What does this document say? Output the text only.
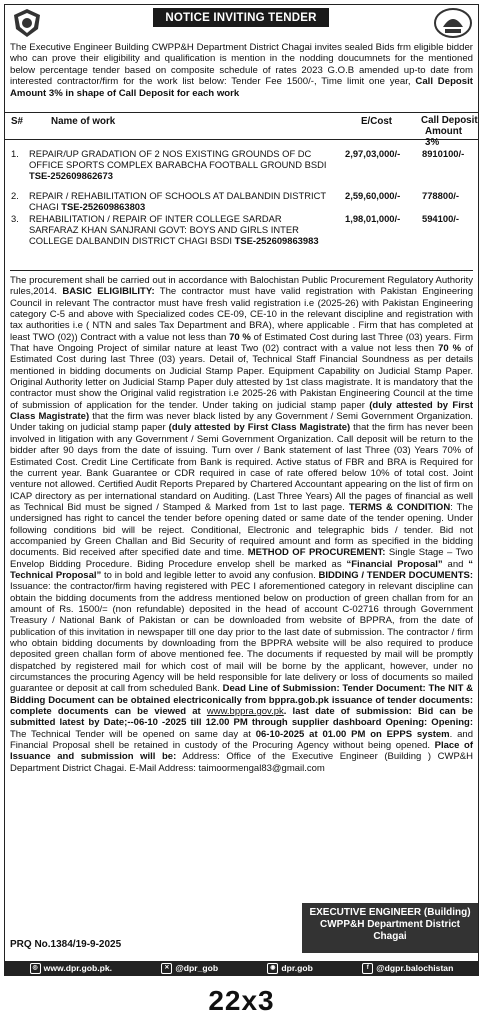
NOTICE INVITING TENDER
The Executive Engineer Building CWPP&H Department District Chagai invites sealed Bids frm eligible bidder who can prove their eligibility and qualification is mention in the nodding doucumnets for the mentioned below percentage tender based on composite schedule of rates 2023 G.O.B amended up-to date from interested contractor/firm for the work list below: Tender Fee 1500/-, Time limit one year, Call Deposit Amount 3% in shape of Call Deposit for each work
S#	Name of work	E/Cost	Call Deposit
Amount 3%
1. REPAIR/UP GRADATION OF 2 NOS EXISTING GROUNDS OF DC OFFICE SPORTS COMPLEX BARABCHA FOOTBALL GROUND BSDI TSE-252609862673
2,97,03,000/- 8910100/-
2. REPAIR / REHABILITATION OF SCHOOLS AT DALBANDIN DISTRICT CHAGI TSE-252609863803
2,59,60,000/- 778800/-
3. REHABILITATION / REPAIR OF INTER COLLEGE SARDAR SARFARAZ KHAN SANJRANI GOVT: BOYS AND GIRLS INTER COLLEGE DALBANDIN DISTRICT CHAGI BSDI TSE-252609863983
1,98,01,000/- 594100/-
The procurement shall be carried out in accordance with Balochistan Public Procurement Regulatory Authority rules,2014. BASIC ELIGIBILITY: The contractor must have valid registration with Pakistan Engineering Council in relevant The contractor must have fresh valid registration i.e (2025-26) with Pakistan Engineering category C-5 and above with Specialized codes CE-09, CE-10 in the relevant discipline and registration with tax authorities i.e ( NTN and sales Tax Department and BRA), where applicable . Firm that has completed at least TWO (02)) Contract with a value not less than 70 % of Estimated Cost during last Three (03) years. Firm That have Ongoing Project of similar nature at least Two (02) contract with a value not less then 70 % of Estimated Cost during last Three (03) years. Detail of, Technical Staff Financial Soundness as per details mentioned in bidding documents on Judicial Stamp Paper. Equipment Capability on Judicial Stamp Paper. Original Authority letter on Judicial Stamp Paper duly attested by 1st class magistrate. It is mandatory that the contractor must show the Original valid registration i.e 2025-26 with Pakistan Engineering Council at the time of submission of application for the tender. Under taking on judicial stamp paper (duly attested by First Class Magistrate) that the firm was never black listed by any Government / Semi Government Organization. Under taking on judicial stamp paper (duly attested by First Class Magistrate) that the firm has never been involved in litigation with any Government / Semi Government Organization. Call deposit will be return to the bidder after 90 days from the date of issuing. Turn over / Bank statement of last Three (03) Years 70% of Estimated Cost. Credit Line Certificate from Bank is required. Active status of FBR and BRA is Required for the current year. Bank Guarantee or CDR required in case of rate offered below 10% of total cost. Joint venture not allowed. Certified Audit Reports Prepared by Chartered Accountant appearing on the list of firm on ICAP directory as per international standard on Auditing. (Last Three Years) All the pages of financial as well as Technical Bid must be signed / Stamped & Marked from 1st to last page. TERMS & CONDITION: The undersigned has right to cancel the tender before opening dated or same date of the tender opening. Under following conditions bid will be reject. Conditional, Electronic and telegraphic bids / tender. Bid not accompanied by Green Challan and Bid Security of required amount and form as specified in the bidding documents. Bid received after specified date and time. METHOD OF PROCUREMENT: Single Stage – Two Envelop Bidding Procedure. Biding Procedure envelop shell be marked as “Financial Proposal” and “ Technical Proposal” to in bold and legible letter to avoid any confusion. BIDDING / TENDER DOCUMENTS: Issuance: the contractor/firm having registered with PEC I aforementioned category in relevant discipline can obtain the bidding documents from the address mentioned below on production of green challan from for an amount of Rs. 1500/= (non refundable) deposited in the head of account C-02716 through Government Treasury / National Bank of Pakistan or can be downloaded from website of BPPRA, from the date of publication of this invitation in newspaper till one day prior to the last date of submission. The contractor / firm who obtain bidding documents by downloading from the BPPRA website will be also required to produce deposited green challan form of above mentioned fee. The documents if requested by mail will be promptly dispatched by registered mail for which cost of mail will be borne by the applicant, however, under no circumstances the procuring Agency will be held responsible for late delivery or loss of documents so mailed guarantee or deposit at call from scheduled Bank. Dead Line of Submission: Tender Document: The NIT & Bidding Document can be obtained electriconically from bppra.gob.pk issuance of tender documents: complete documents can be viewed at www.bppra.gov.pk. last date of submission: Bid can be submitted latest by Date;--06-10 -2025 till 12.00 PM through supplier dashboard Opening: Opening: The Technical Tender will be opened on same day at 06-10-2025 at 01.00 PM on EPPS system. and Financial Proposal shell be retained in custody of the Procuring Agency without being opened. Place of Issuance and submission will be: Address: Office of the Executive Engineer (Building ) CWP&H Department District Chagai. E-Mail Address: taimoormengal83@gmail.com
PRQ No.1384/19-9-2025
EXECUTIVE ENGINEER (Building)
CWPP&H Department District
Chagai
◎ www.dpr.gob.pk.	✕ @dpr_gob	◉ dpr.gob	f @dgpr.balochistan
22x3
